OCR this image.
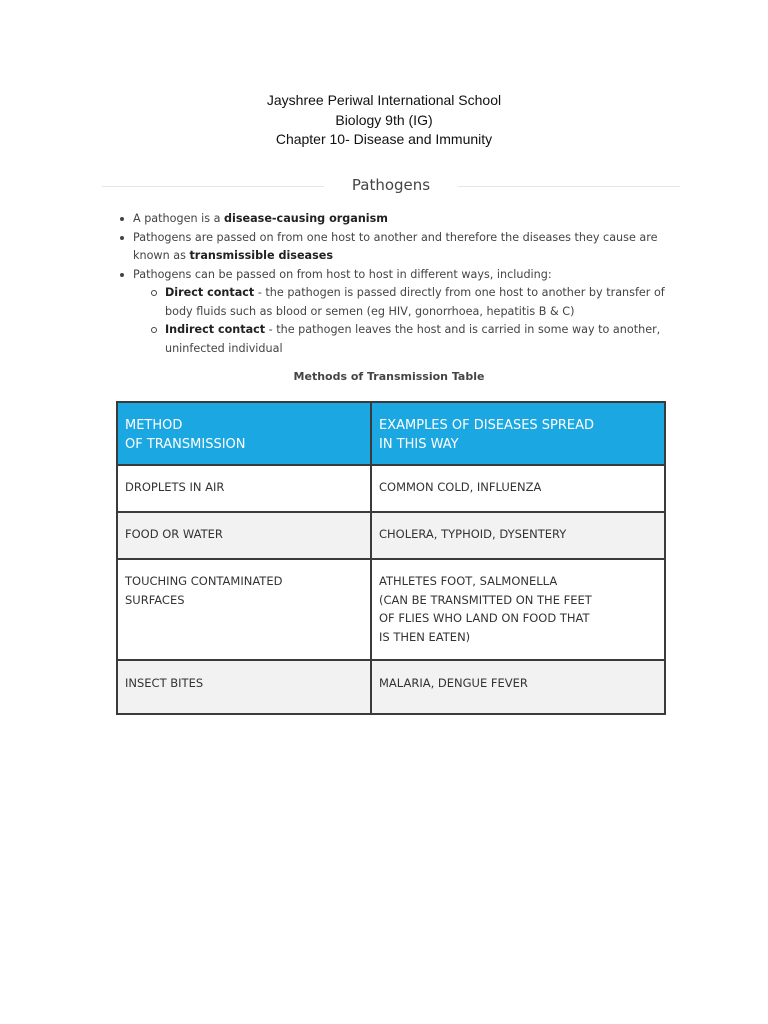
Jayshree Periwal International School
Biology 9th (IG)
Chapter 10- Disease and Immunity
Pathogens
A pathogen is a disease-causing organism
Pathogens are passed on from one host to another and therefore the diseases they cause are known as transmissible diseases
Pathogens can be passed on from host to host in different ways, including:
Direct contact - the pathogen is passed directly from one host to another by transfer of body fluids such as blood or semen (eg HIV, gonorrhoea, hepatitis B & C)
Indirect contact - the pathogen leaves the host and is carried in some way to another, uninfected individual
Methods of Transmission Table
METHOD
OF TRANSMISSION	EXAMPLES OF DISEASES SPREAD
IN THIS WAY

DROPLETS IN AIR	COMMON COLD, INFLUENZA

FOOD OR WATER	CHOLERA, TYPHOID, DYSENTERY

TOUCHING CONTAMINATED
SURFACES	ATHLETES FOOT, SALMONELLA
(CAN BE TRANSMITTED ON THE FEET
OF FLIES WHO LAND ON FOOD THAT
IS THEN EATEN)

INSECT BITES	MALARIA, DENGUE FEVER
